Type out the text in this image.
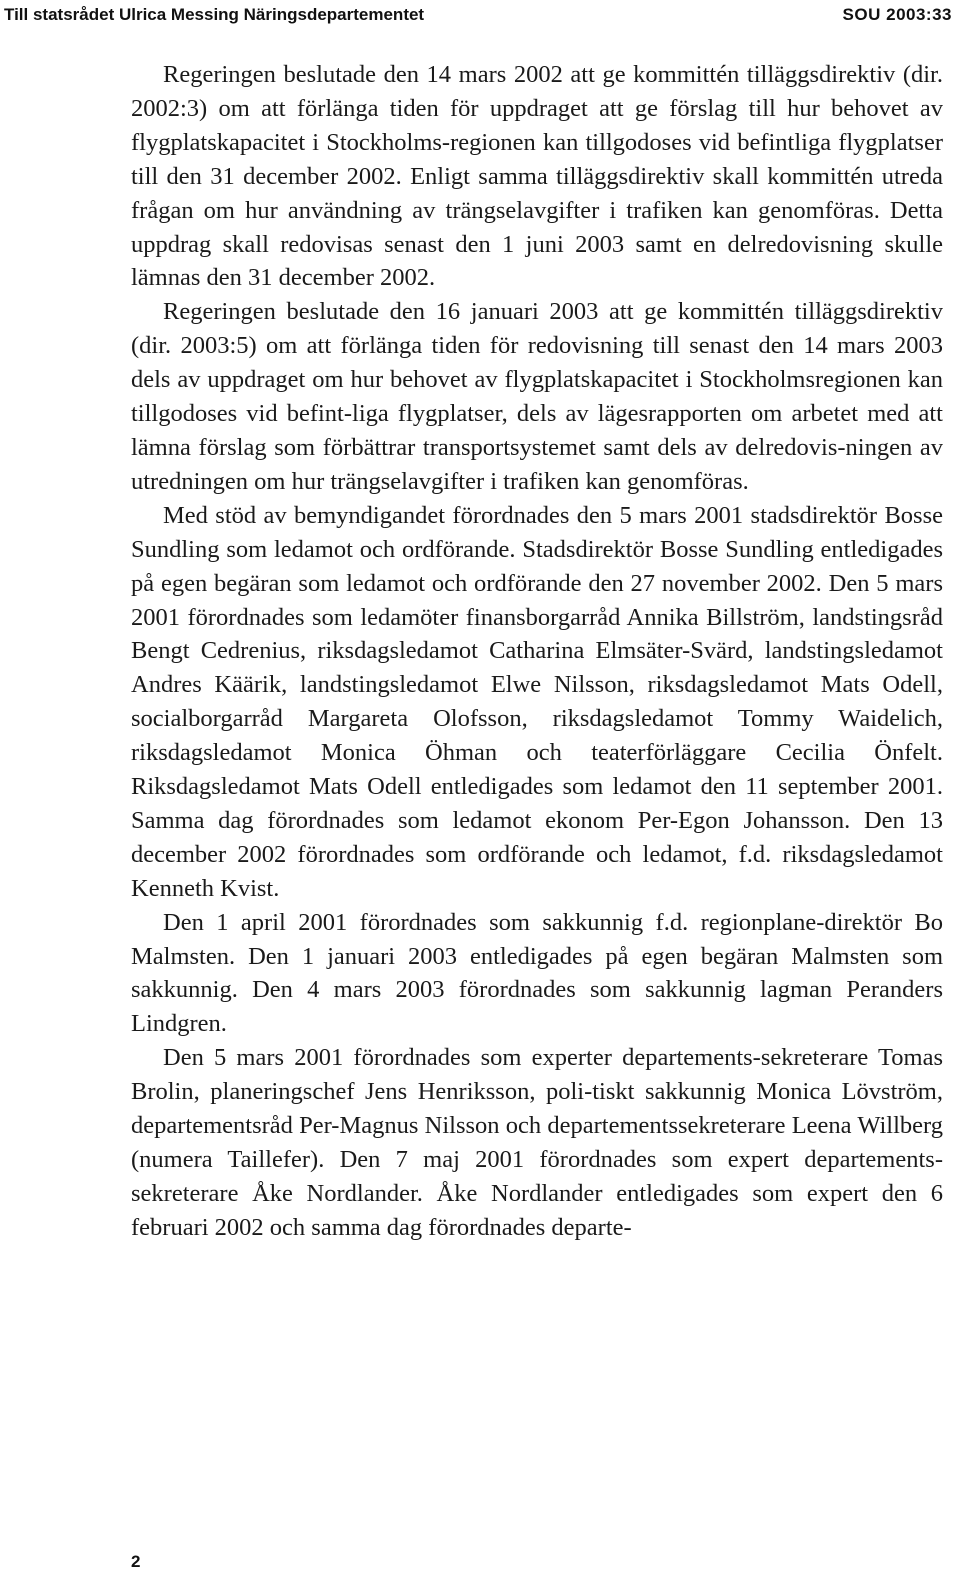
Till statsrådet Ulrica Messing Näringsdepartementet	SOU 2003:33

Regeringen beslutade den 14 mars 2002 att ge kommittén tilläggsdirektiv (dir. 2002:3) om att förlänga tiden för uppdraget att ge förslag till hur behovet av flygplatskapacitet i Stockholms-regionen kan tillgodoses vid befintliga flygplatser till den 31 december 2002. Enligt samma tilläggsdirektiv skall kommittén utreda frågan om hur användning av trängselavgifter i trafiken kan genomföras. Detta uppdrag skall redovisas senast den 1 juni 2003 samt en delredovisning skulle lämnas den 31 december 2002.

Regeringen beslutade den 16 januari 2003 att ge kommittén tilläggsdirektiv (dir. 2003:5) om att förlänga tiden för redovisning till senast den 14 mars 2003 dels av uppdraget om hur behovet av flygplatskapacitet i Stockholmsregionen kan tillgodoses vid befint-liga flygplatser, dels av lägesrapporten om arbetet med att lämna förslag som förbättrar transportsystemet samt dels av delredovis-ningen av utredningen om hur trängselavgifter i trafiken kan genomföras.

Med stöd av bemyndigandet förordnades den 5 mars 2001 stadsdirektör Bosse Sundling som ledamot och ordförande. Stadsdirektör Bosse Sundling entledigades på egen begäran som ledamot och ordförande den 27 november 2002. Den 5 mars 2001 förordnades som ledamöter finansborgarråd Annika Billström, landstingsråd Bengt Cedrenius, riksdagsledamot Catharina Elmsäter-Svärd, landstingsledamot Andres Käärik, landstingsledamot Elwe Nilsson, riksdagsledamot Mats Odell, socialborgarråd Margareta Olofsson, riksdagsledamot Tommy Waidelich, riksdagsledamot Monica Öhman och teaterförläggare Cecilia Önfelt. Riksdagsledamot Mats Odell entledigades som ledamot den 11 september 2001. Samma dag förordnades som ledamot ekonom Per-Egon Johansson. Den 13 december 2002 förordnades som ordförande och ledamot, f.d. riksdagsledamot Kenneth Kvist.

Den 1 april 2001 förordnades som sakkunnig f.d. regionplane-direktör Bo Malmsten. Den 1 januari 2003 entledigades på egen begäran Malmsten som sakkunnig. Den 4 mars 2003 förordnades som sakkunnig lagman Peranders Lindgren.

Den 5 mars 2001 förordnades som experter departements-sekreterare Tomas Brolin, planeringschef Jens Henriksson, poli-tiskt sakkunnig Monica Lövström, departementsråd Per-Magnus Nilsson och departementssekreterare Leena Willberg (numera Taillefer). Den 7 maj 2001 förordnades som expert departements-sekreterare Åke Nordlander. Åke Nordlander entledigades som expert den 6 februari 2002 och samma dag förordnades departe-

2
